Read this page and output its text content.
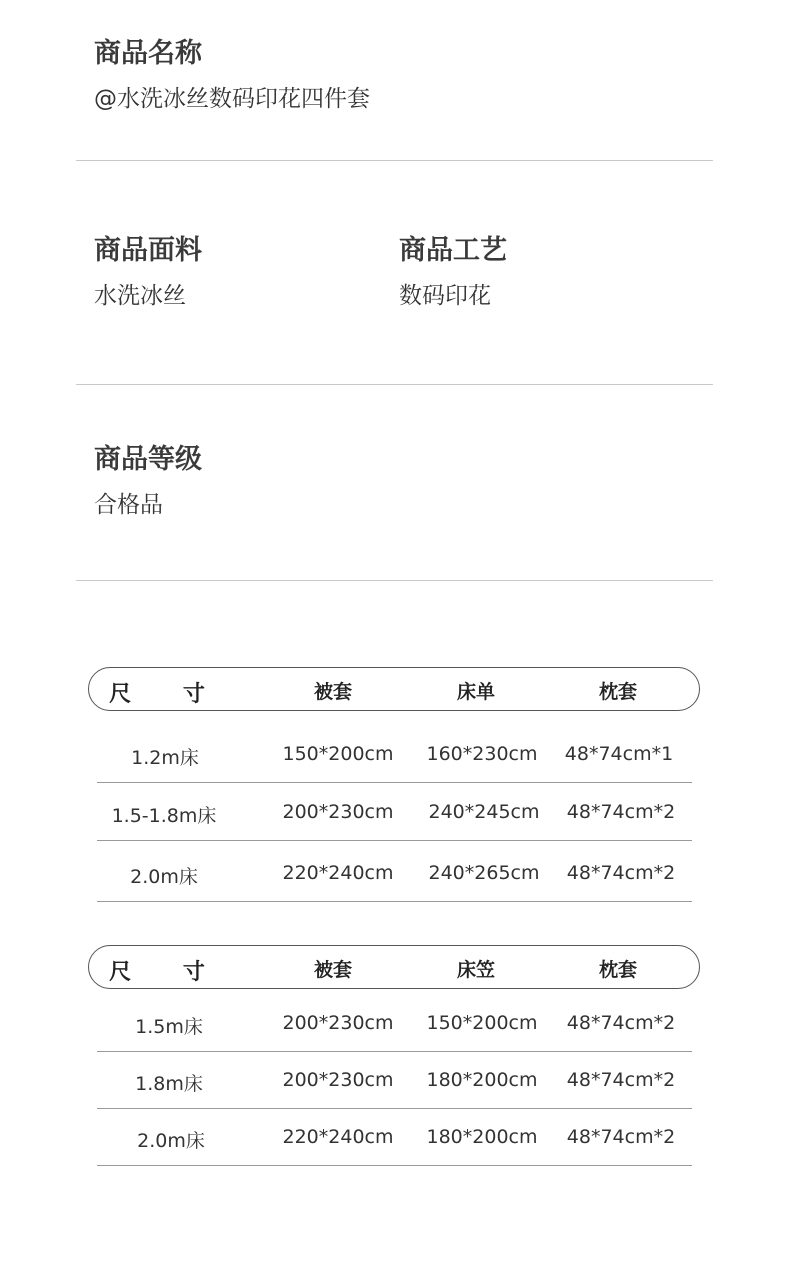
商品名称
@水洗冰丝数码印花四件套
商品面料
水洗冰丝
商品工艺
数码印花
商品等级
合格品
尺 寸	被套	床单	枕套
1.2m床	150*200cm 160*230cm 48*74cm*1
1.5-1.8m床	200*230cm 240*245cm 48*74cm*2
2.0m床	220*240cm 240*265cm 48*74cm*2
尺 寸	被套	床笠	枕套
1.5m床	200*230cm 150*200cm 48*74cm*2
1.8m床	200*230cm 180*200cm 48*74cm*2
2.0m床	220*240cm 180*200cm 48*74cm*2
